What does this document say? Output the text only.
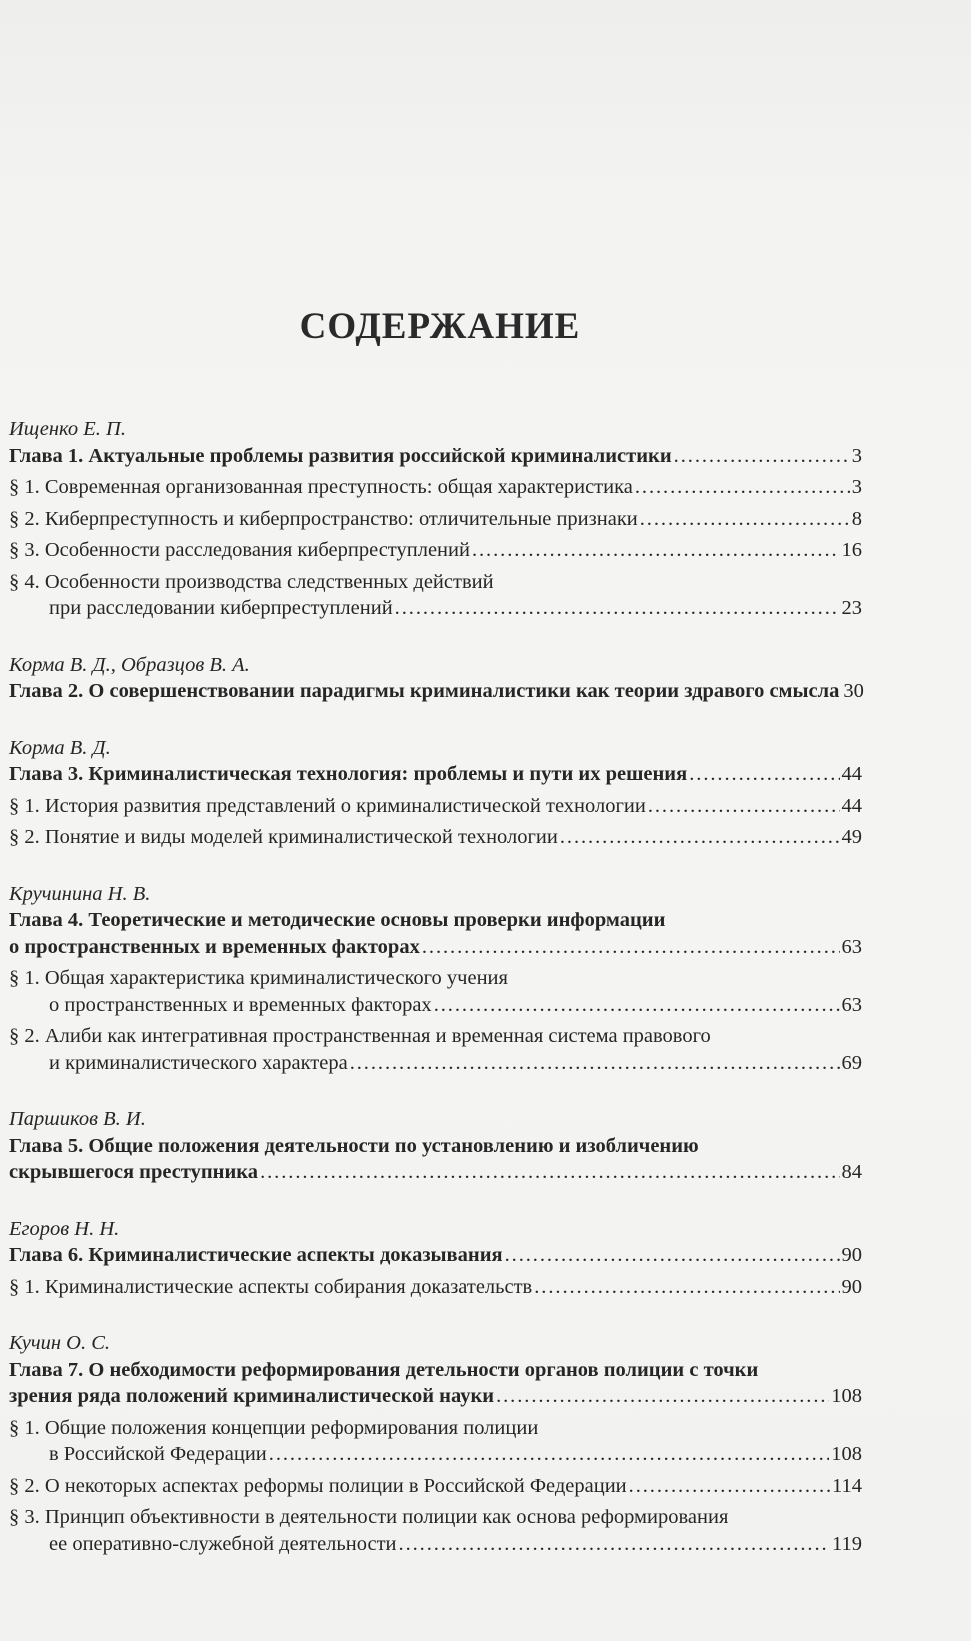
СОДЕРЖАНИЕ
Ищенко Е. П.
Глава 1. Актуальные проблемы развития российской криминалистики . . .	3
§ 1. Современная организованная преступность: общая характеристика . . .	3
§ 2. Киберпреступность и киберпространство: отличительные признаки . . .	8
§ 3. Особенности расследования киберпреступлений . . .	16
§ 4. Особенности производства следственных действий
при расследовании киберпреступлений . . .	23
Корма В. Д., Образцов В. А.
Глава 2. О совершенствовании парадигмы криминалистики как теории здравого смысла 30
Корма В. Д.
Глава 3. Криминалистическая технология: проблемы и пути их решения . . .	44
§ 1. История развития представлений о криминалистической технологии . . .	44
§ 2. Понятие и виды моделей криминалистической технологии . . .	49
Кручинина Н. В.
Глава 4. Теоретические и методические основы проверки информации
о пространственных и временных факторах . . .	63
§ 1. Общая характеристика криминалистического учения
о пространственных и временных факторах . . .	63
§ 2. Алиби как интегративная пространственная и временная система правового
и криминалистического характера . . .	69
Паршиков В. И.
Глава 5. Общие положения деятельности по установлению и изобличению
скрывшегося преступника . . .	84
Егоров Н. Н.
Глава 6. Криминалистические аспекты доказывания . . .	90
§ 1. Криминалистические аспекты собирания доказательств . . .	90
Кучин О. С.
Глава 7. О небходимости реформирования детельности органов полиции с точки
зрения ряда положений криминалистической науки . . .	108
§ 1. Общие положения концепции реформирования полиции
в Российской Федерации . . .	108
§ 2. О некоторых аспектах реформы полиции в Российской Федерации . . .	114
§ 3. Принцип объективности в деятельности полиции как основа реформирования
ее оперативно-служебной деятельности . . .	119
